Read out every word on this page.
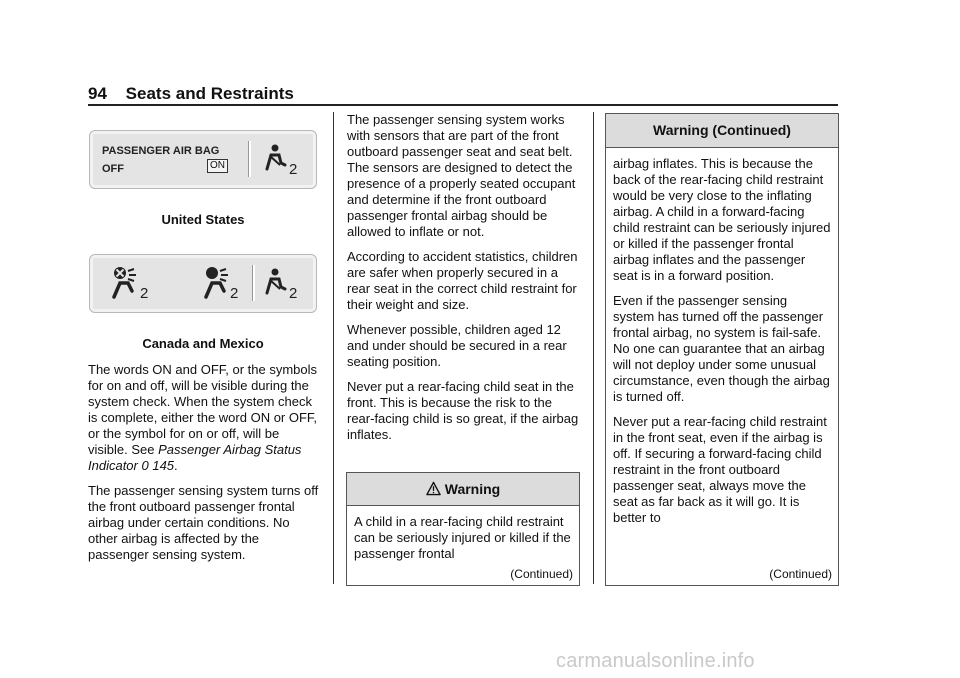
94 Seats and Restraints
PASSENGER AIR BAG
OFF	ON	2
United States
2	2	2
Canada and Mexico

The words ON and OFF, or the symbols for on and off, will be visible during the system check. When the system check is complete, either the word ON or OFF, or the symbol for on or off, will be visible. See Passenger Airbag Status Indicator 0 145.

The passenger sensing system turns off the front outboard passenger frontal airbag under certain conditions. No other airbag is affected by the passenger sensing system.

The passenger sensing system works with sensors that are part of the front outboard passenger seat and seat belt. The sensors are designed to detect the presence of a properly seated occupant and determine if the front outboard passenger frontal airbag should be allowed to inflate or not.

According to accident statistics, children are safer when properly secured in a rear seat in the correct child restraint for their weight and size.

Whenever possible, children aged 12 and under should be secured in a rear seating position.

Never put a rear-facing child seat in the front. This is because the risk to the rear-facing child is so great, if the airbag inflates.

Warning
A child in a rear-facing child restraint can be seriously injured or killed if the passenger frontal
(Continued)
Warning (Continued)

airbag inflates. This is because the back of the rear-facing child restraint would be very close to the inflating airbag. A child in a forward-facing child restraint can be seriously injured or killed if the passenger frontal airbag inflates and the passenger seat is in a forward position.

Even if the passenger sensing system has turned off the passenger frontal airbag, no system is fail-safe. No one can guarantee that an airbag will not deploy under some unusual circumstance, even though the airbag is turned off.

Never put a rear-facing child restraint in the front seat, even if the airbag is off. If securing a forward-facing child restraint in the front outboard passenger seat, always move the seat as far back as it will go. It is better to

(Continued)
carmanualsonline.info
